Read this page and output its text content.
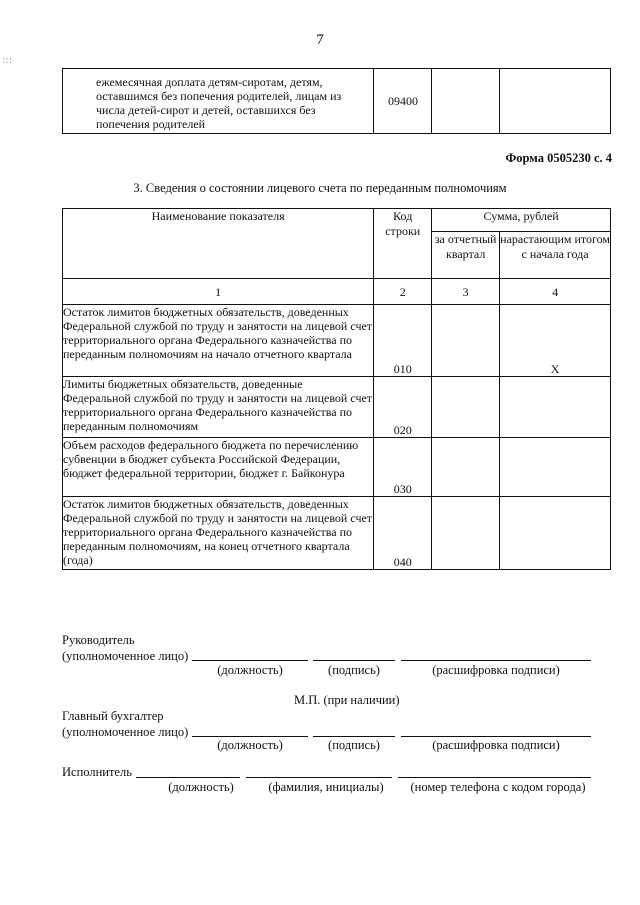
:::
7
ежемесячная доплата детям-сиротам, детям, оставшимся без попечения родителей, лицам из числа детей-сирот и детей, оставшихся без попечения родителей	09400		
Форма 0505230 с. 4
3. Сведения о состоянии лицевого счета по переданным полномочиям
Наименование показателя	Код строки	Сумма, рублей	
		за отчетный квартал	нарастающим итогом с начала года
1	2	3	4
Остаток лимитов бюджетных обязательств, доведенных Федеральной службой по труду и занятости на лицевой счет территориального органа Федерального казначейства по переданным полномочиям на начало отчетного квартала	010		X
Лимиты бюджетных обязательств, доведенные Федеральной службой по труду и занятости на лицевой счет территориального органа Федерального казначейства по переданным полномочиям	020		
Объем расходов федерального бюджета по перечислению субвенции в бюджет субъекта Российской Федерации, бюджет федеральной территории, бюджет г. Байконура	030		
Остаток лимитов бюджетных обязательств, доведенных Федеральной службой по труду и занятости на лицевой счет территориального органа Федерального казначейства по переданным полномочиям, на конец отчетного квартала (года)	040		
Руководитель
(уполномоченное лицо)
(должность)	(подпись)	(расшифровка подписи)
М.П. (при наличии)
Главный бухгалтер
(уполномоченное лицо)
(должность)	(подпись)	(расшифровка подписи)
Исполнитель
(должность)	(фамилия, инициалы)	(номер телефона с кодом города)
